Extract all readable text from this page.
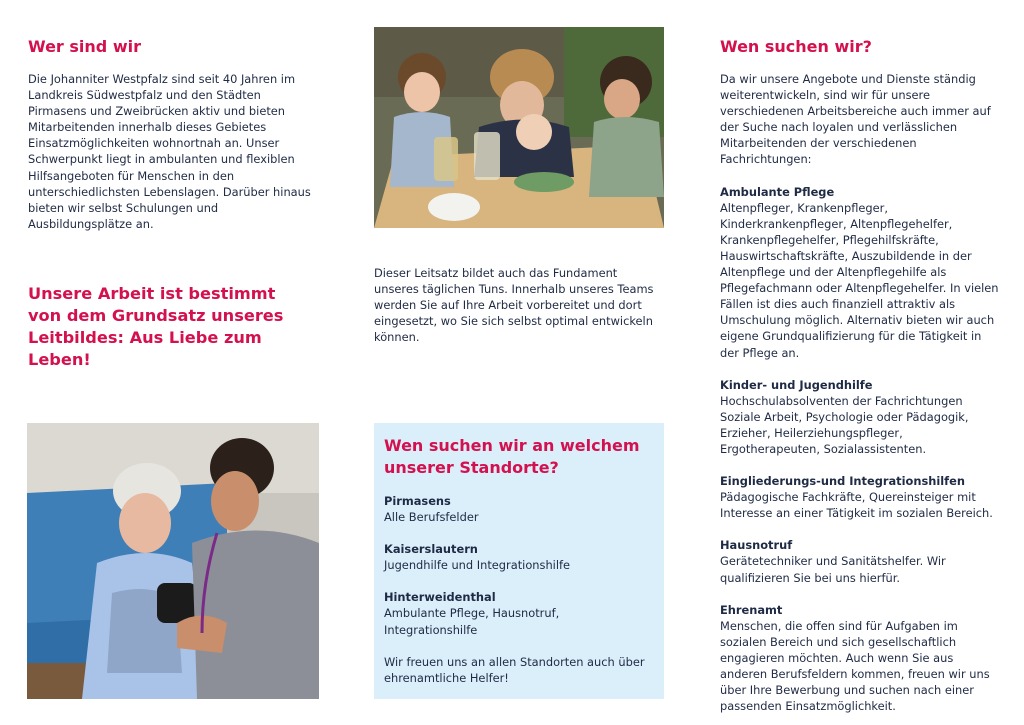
Wer sind wir

Die Johanniter Westpfalz sind seit 40 Jahren im Landkreis Südwestpfalz und den Städten Pirmasens und Zweibrücken aktiv und bieten Mitarbeitenden innerhalb dieses Gebietes Einsatzmöglichkeiten wohnortnah an. Unser Schwerpunkt liegt in ambulanten und flexiblen Hilfsangeboten für Menschen in den unterschiedlichsten Lebenslagen. Darüber hinaus bieten wir selbst Schulungen und Ausbildungsplätze an.

Unsere Arbeit ist bestimmt

von dem Grundsatz unseres

Leitbildes: Aus Liebe zum Leben!

Dieser Leitsatz bildet auch das Fundament unseres täglichen Tuns. Innerhalb unseres Teams werden Sie auf Ihre Arbeit vorbereitet und dort eingesetzt, wo Sie sich selbst optimal entwickeln können.

Wen suchen wir an welchem unserer Standorte?

Pirmasens

Alle Berufsfelder

Kaiserslautern

Jugendhilfe und Integrationshilfe

Hinterweidenthal

Ambulante Pflege, Hausnotruf, Integrationshilfe

Wir freuen uns an allen Standorten auch über ehrenamtliche Helfer!

Wen suchen wir?

Da wir unsere Angebote und Dienste ständig weiterentwickeln, sind wir für unsere verschiedenen Arbeitsbereiche auch immer auf der Suche nach loyalen und verlässlichen Mitarbeitenden der verschiedenen Fachrichtungen:

Ambulante Pflege

Altenpfleger, Krankenpfleger, Kinderkrankenpfleger, Altenpflegehelfer, Krankenpflegehelfer, Pflegehilfskräfte, Hauswirtschaftskräfte, Auszubildende in der Altenpflege und der Altenpflegehilfe als Pflegefachmann oder Altenpflegehelfer. In vielen Fällen ist dies auch finanziell attraktiv als Umschulung möglich. Alternativ bieten wir auch eigene Grundqualifizierung für die Tätigkeit in der Pflege an.

Kinder- und Jugendhilfe

Hochschulabsolventen der Fachrichtungen Soziale Arbeit, Psychologie oder Pädagogik, Erzieher, Heilerziehungspfleger, Ergotherapeuten, Sozialassistenten.

Eingliederungs-und Integrationshilfen

Pädagogische Fachkräfte, Quereinsteiger mit Interesse an einer Tätigkeit im sozialen Bereich.

Hausnotruf

Gerätetechniker und Sanitätshelfer. Wir qualifizieren Sie bei uns hierfür.

Ehrenamt

Menschen, die offen sind für Aufgaben im sozialen Bereich und sich gesellschaftlich engagieren möchten. Auch wenn Sie aus anderen Berufsfeldern kommen, freuen wir uns über Ihre Bewerbung und suchen nach einer passenden Einsatzmöglichkeit.
